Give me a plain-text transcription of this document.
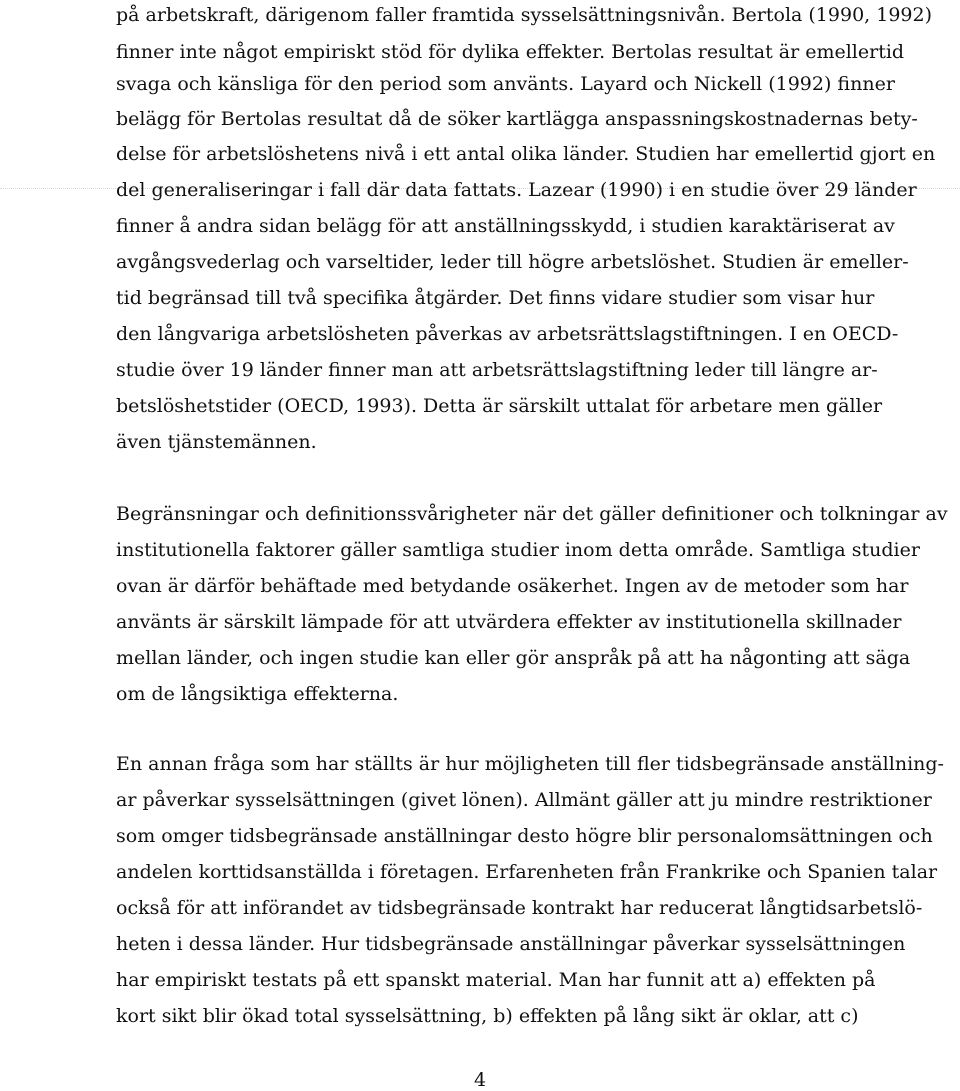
på arbetskraft, därigenom faller framtida sysselsättningsnivån. Bertola (1990, 1992)
finner inte något empiriskt stöd för dylika effekter. Bertolas resultat är emellertid
svaga och känsliga för den period som använts. Layard och Nickell (1992) finner
belägg för Bertolas resultat då de söker kartlägga anspassningskostnadernas bety-
delse för arbetslöshetens nivå i ett antal olika länder. Studien har emellertid gjort en
del generaliseringar i fall där data fattats. Lazear (1990) i en studie över 29 länder
finner å andra sidan belägg för att anställningsskydd, i studien karaktäriserat av
avgångsvederlag och varseltider, leder till högre arbetslöshet. Studien är emeller-
tid begränsad till två specifika åtgärder. Det finns vidare studier som visar hur
den långvariga arbetslösheten påverkas av arbetsrättslagstiftningen. I en OECD-
studie över 19 länder finner man att arbetsrättslagstiftning leder till längre ar-
betslöshetstider (OECD, 1993). Detta är särskilt uttalat för arbetare men gäller
även tjänstemännen.
Begränsningar och definitionssvårigheter när det gäller definitioner och tolkningar av
institutionella faktorer gäller samtliga studier inom detta område. Samtliga studier
ovan är därför behäftade med betydande osäkerhet. Ingen av de metoder som har
använts är särskilt lämpade för att utvärdera effekter av institutionella skillnader
mellan länder, och ingen studie kan eller gör anspråk på att ha någonting att säga
om de långsiktiga effekterna.
En annan fråga som har ställts är hur möjligheten till fler tidsbegränsade anställning-
ar påverkar sysselsättningen (givet lönen). Allmänt gäller att ju mindre restriktioner
som omger tidsbegränsade anställningar desto högre blir personalomsättningen och
andelen korttidsanställda i företagen. Erfarenheten från Frankrike och Spanien talar
också för att införandet av tidsbegränsade kontrakt har reducerat långtidsarbetslö-
heten i dessa länder. Hur tidsbegränsade anställningar påverkar sysselsättningen
har empiriskt testats på ett spanskt material. Man har funnit att a) effekten på
kort sikt blir ökad total sysselsättning, b) effekten på lång sikt är oklar, att c)
4
